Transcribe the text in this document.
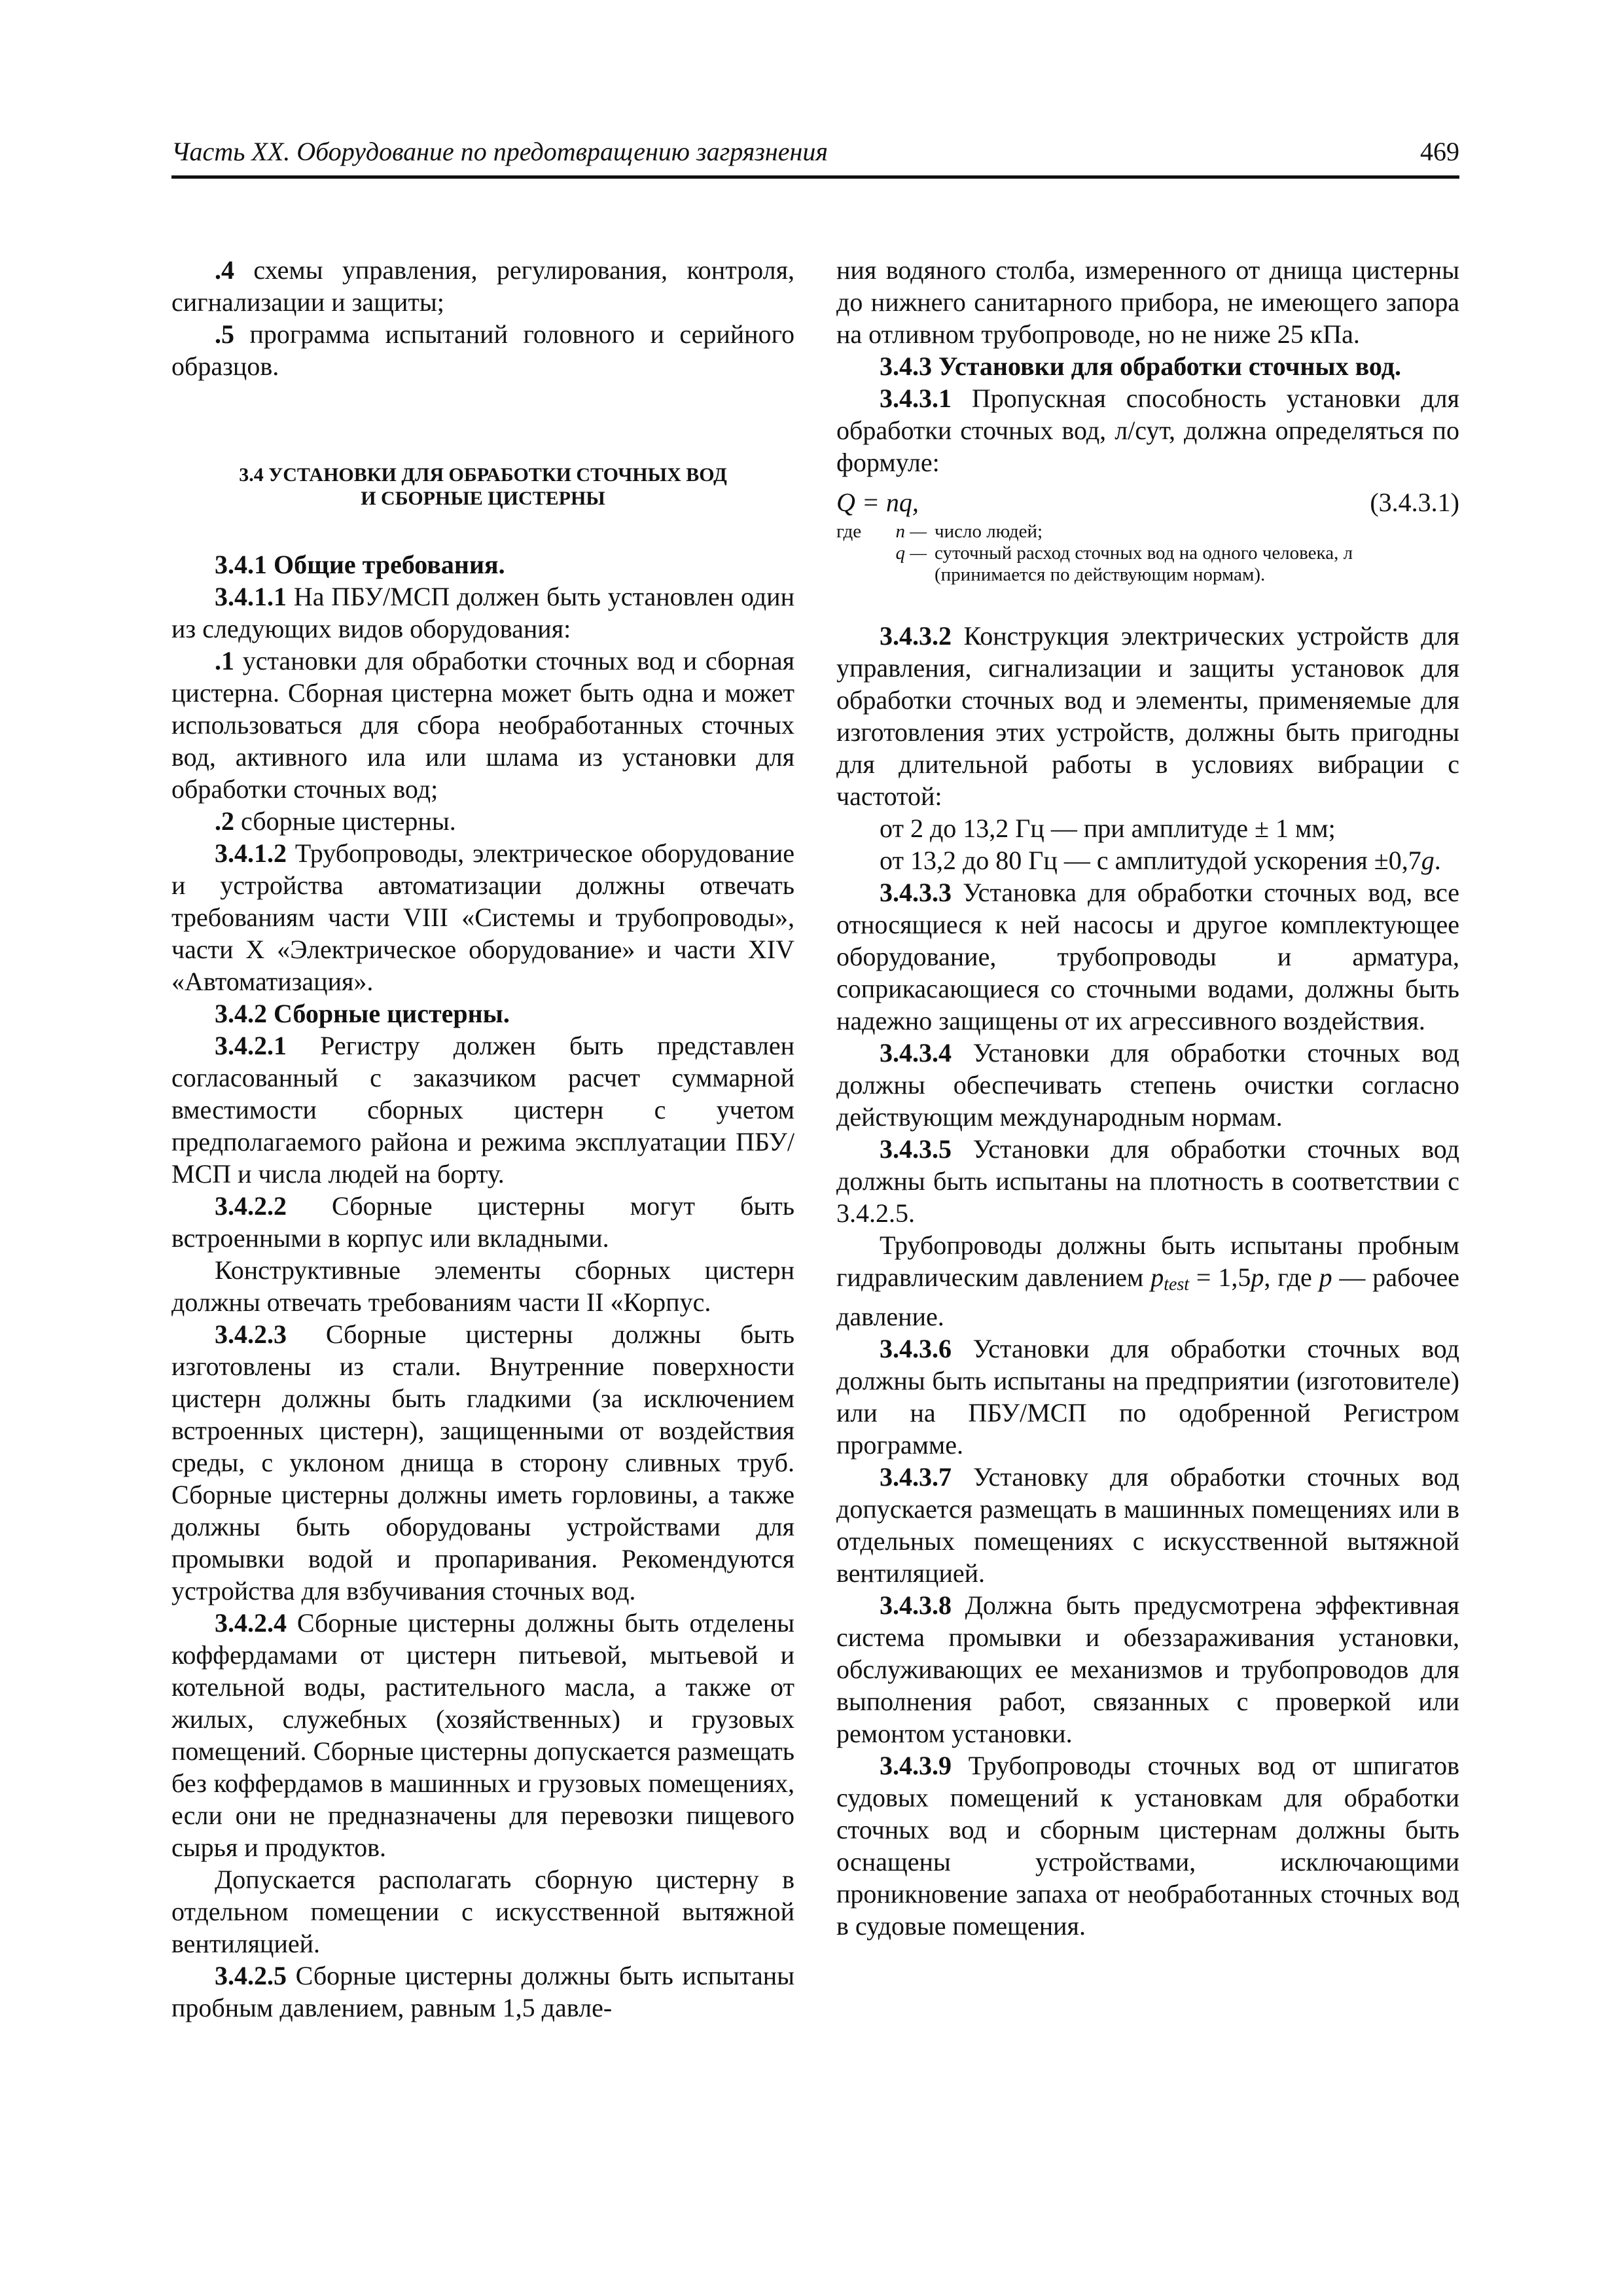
Часть XX. Оборудование по предотвращению загрязнения	469

.4 схемы управления, регулирования, контроля, сигнализации и защиты;

.5 программа испытаний головного и серийного образцов.

3.4 УСТАНОВКИ ДЛЯ ОБРАБОТКИ СТОЧНЫХ ВОД
И СБОРНЫЕ ЦИСТЕРНЫ

3.4.1 Общие требования.

3.4.1.1 На ПБУ/МСП должен быть установлен один из следующих видов оборудования:

.1 установки для обработки сточных вод и сборная цистерна. Сборная цистерна может быть одна и может использоваться для сбора необработанных сточных вод, активного ила или шлама из установки для обработки сточных вод;

.2 сборные цистерны.

3.4.1.2 Трубопроводы, электрическое оборудование и устройства автоматизации должны отвечать требованиям части VIII «Системы и трубопроводы», части X «Электрическое оборудование» и части XIV «Автоматизация».

3.4.2 Сборные цистерны.

3.4.2.1 Регистру должен быть представлен согласованный с заказчиком расчет суммарной вместимости сборных цистерн с учетом предполагаемого района и режима эксплуатации ПБУ/МСП и числа людей на борту.

3.4.2.2 Сборные цистерны могут быть встроенными в корпус или вкладными.

Конструктивные элементы сборных цистерн должны отвечать требованиям части II «Корпус.

3.4.2.3 Сборные цистерны должны быть изготовлены из стали. Внутренние поверхности цистерн должны быть гладкими (за исключением встроенных цистерн), защищенными от воздействия среды, с уклоном днища в сторону сливных труб. Сборные цистерны должны иметь горловины, а также должны быть оборудованы устройствами для промывки водой и пропаривания. Рекомендуются устройства для взбучивания сточных вод.

3.4.2.4 Сборные цистерны должны быть отделены коффердамами от цистерн питьевой, мытьевой и котельной воды, растительного масла, а также от жилых, служебных (хозяйственных) и грузовых помещений. Сборные цистерны допускается размещать без коффердамов в машинных и грузовых помещениях, если они не предназначены для перевозки пищевого сырья и продуктов.

Допускается располагать сборную цистерну в отдельном помещении с искусственной вытяжной вентиляцией.

3.4.2.5 Сборные цистерны должны быть испытаны пробным давлением, равным 1,5 давле-

ния водяного столба, измеренного от днища цистерны до нижнего санитарного прибора, не имеющего запора на отливном трубопроводе, но не ниже 25 кПа.

3.4.3 Установки для обработки сточных вод.

3.4.3.1 Пропускная способность установки для обработки сточных вод, л/сут, должна определяться по формуле:

Q = nq,	(3.4.3.1)
где	n — число людей;
q — суточный расход сточных вод на одного человека, л (принимается по действующим нормам).

3.4.3.2 Конструкция электрических устройств для управления, сигнализации и защиты установок для обработки сточных вод и элементы, применяемые для изготовления этих устройств, должны быть пригодны для длительной работы в условиях вибрации с частотой:

от 2 до 13,2 Гц — при амплитуде ± 1 мм;

от 13,2 до 80 Гц — с амплитудой ускорения ±0,7g.

3.4.3.3 Установка для обработки сточных вод, все относящиеся к ней насосы и другое комплектующее оборудование, трубопроводы и арматура, соприкасающиеся со сточными водами, должны быть надежно защищены от их агрессивного воздействия.

3.4.3.4 Установки для обработки сточных вод должны обеспечивать степень очистки согласно действующим международным нормам.

3.4.3.5 Установки для обработки сточных вод должны быть испытаны на плотность в соответствии с 3.4.2.5.

Трубопроводы должны быть испытаны пробным гидравлическим давлением $p_{test} = 1,5p$, где p — рабочее давление.

3.4.3.6 Установки для обработки сточных вод должны быть испытаны на предприятии (изготовителе) или на ПБУ/МСП по одобренной Регистром программе.

3.4.3.7 Установку для обработки сточных вод допускается размещать в машинных помещениях или в отдельных помещениях с искусственной вытяжной вентиляцией.

3.4.3.8 Должна быть предусмотрена эффективная система промывки и обеззараживания установки, обслуживающих ее механизмов и трубопроводов для выполнения работ, связанных с проверкой или ремонтом установки.

3.4.3.9 Трубопроводы сточных вод от шпигатов судовых помещений к установкам для обработки сточных вод и сборным цистернам должны быть оснащены устройствами, исключающими проникновение запаха от необработанных сточных вод в судовые помещения.
